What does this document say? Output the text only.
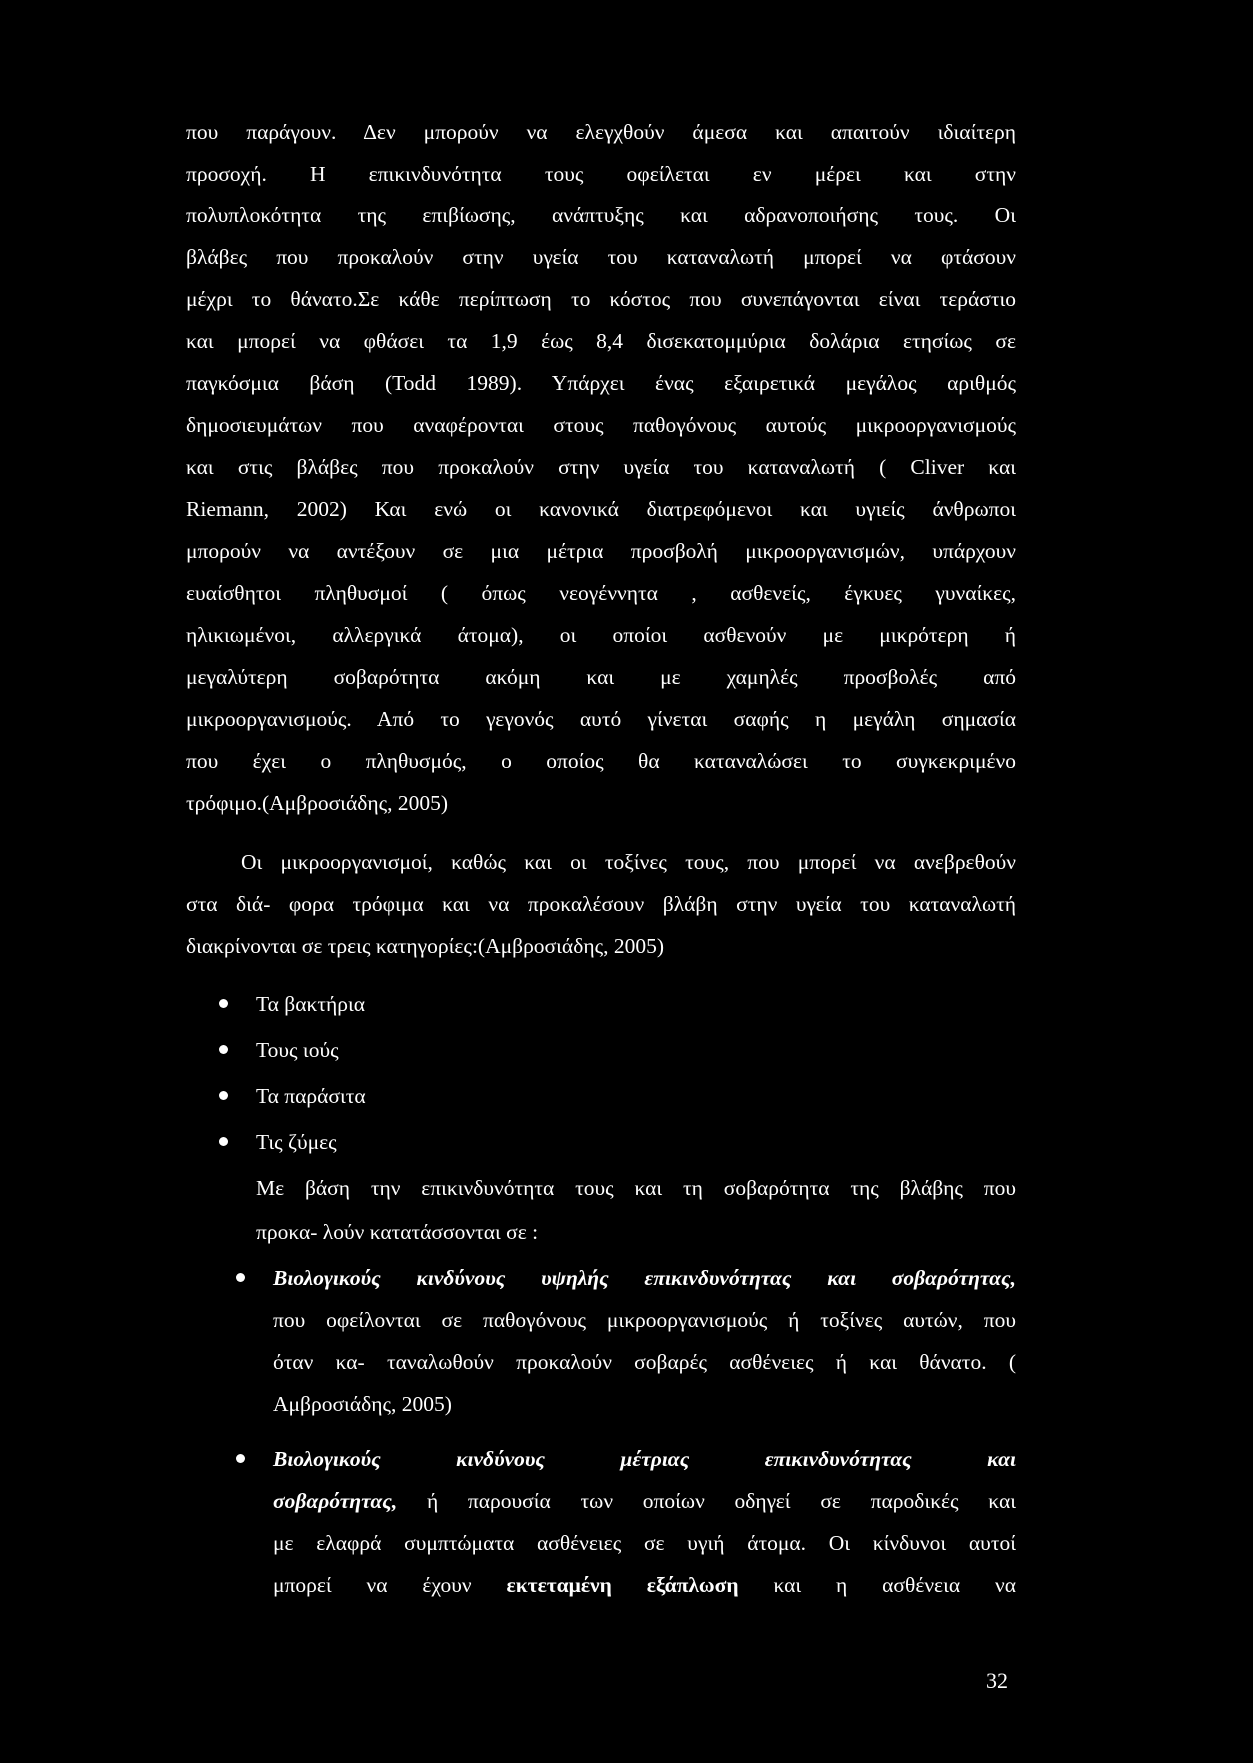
που παράγουν. Δεν μπορούν να ελεγχθούν άμεσα και απαιτούν ιδιαίτερη
προσοχή. Η επικινδυνότητα τους οφείλεται εν μέρει και στην
πολυπλοκότητα της επιβίωσης, ανάπτυξης και αδρανοποιήσης τους. Οι
βλάβες που προκαλούν στην υγεία του καταναλωτή μπορεί να φτάσουν
μέχρι το θάνατο.Σε κάθε περίπτωση το κόστος που συνεπάγονται είναι τεράστιο
και μπορεί να φθάσει τα 1,9 έως 8,4 δισεκατομμύρια δολάρια ετησίως σε
παγκόσμια βάση (Todd 1989). Υπάρχει ένας εξαιρετικά μεγάλος αριθμός
δημοσιευμάτων που αναφέρονται στους παθογόνους αυτούς μικροοργανισμούς
και στις βλάβες που προκαλούν στην υγεία του καταναλωτή ( Cliver και
Riemann, 2002) Και ενώ οι κανονικά διατρεφόμενοι και υγιείς άνθρωποι
μπορούν να αντέξουν σε μια μέτρια προσβολή μικροοργανισμών, υπάρχουν
ευαίσθητοι πληθυσμοί ( όπως νεογέννητα , ασθενείς, έγκυες γυναίκες,
ηλικιωμένοι, αλλεργικά άτομα), οι οποίοι ασθενούν με μικρότερη ή
μεγαλύτερη σοβαρότητα ακόμη και με χαμηλές προσβολές από
μικροοργανισμούς. Από το γεγονός αυτό γίνεται σαφής η μεγάλη σημασία
που έχει ο πληθυσμός, ο οποίος θα καταναλώσει το συγκεκριμένο
τρόφιμο.(Αμβροσιάδης, 2005)
Οι μικροοργανισμοί, καθώς και οι τοξίνες τους, που μπορεί να ανεβρεθούν
στα διά- φορα τρόφιμα και να προκαλέσουν βλάβη στην υγεία του καταναλωτή
διακρίνονται σε τρεις κατηγορίες:(Αμβροσιάδης, 2005)
Τα βακτήρια
Τους ιούς
Τα παράσιτα
Τις ζύμες
Με βάση την επικινδυνότητα τους και τη σοβαρότητα της βλάβης που
προκα- λούν κατατάσσονται σε :
Βιολογικούς κινδύνους υψηλής επικινδυνότητας και σοβαρότητας,
που οφείλονται σε παθογόνους μικροοργανισμούς ή τοξίνες αυτών, που
όταν κα- ταναλωθούν προκαλούν σοβαρές ασθένειες ή και θάνατο. (
Αμβροσιάδης, 2005)
Βιολογικούς κινδύνους μέτριας επικινδυνότητας και
σοβαρότητας, ή παρουσία των οποίων οδηγεί σε παροδικές και
με ελαφρά συμπτώματα ασθένειες σε υγιή άτομα. Οι κίνδυνοι αυτοί
μπορεί να έχουν εκτεταμένη εξάπλωση και η ασθένεια να
32
